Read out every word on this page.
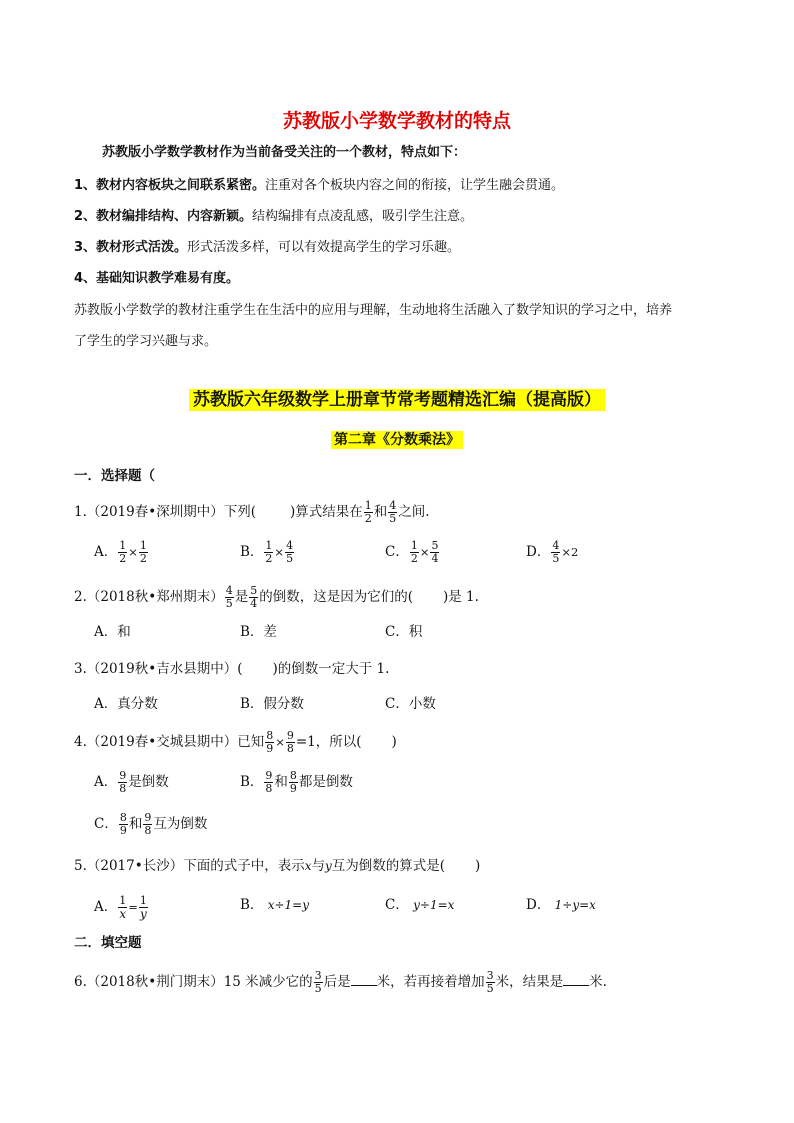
苏教版小学数学教材的特点
苏教版小学数学教材作为当前备受关注的一个教材，特点如下：
1、教材内容板块之间联系紧密。注重对各个板块内容之间的衔接，让学生融会贯通。
2、教材编排结构、内容新颖。结构编排有点凌乱感，吸引学生注意。
3、教材形式活泼。形式活泼多样，可以有效提高学生的学习乐趣。
4、基础知识教学难易有度。
苏教版小学数学的教材注重学生在生活中的应用与理解，生动地将生活融入了数学知识的学习之中，培养
了学生的学习兴趣与求。
苏教版六年级数学上册章节常考题精选汇编（提高版）
第二章《分数乘法》
一．选择题（
1.（2019春•深圳期中）下列(	)算式结果在 $\frac{1}{2}$ 和 $\frac{4}{5}$ 之间.
A． $\frac{1}{2} \times \frac{1}{2}$	B． $\frac{1}{2} \times \frac{4}{5}$	C． $\frac{1}{2} \times \frac{5}{4}$	D． $\frac{4}{5} \times 2$
2.（2018秋•郑州期末） $\frac{4}{5}$ 是 $\frac{5}{4}$ 的倒数，这是因为它们的( )是 1.
A．和	B．差	C．积
3.（2019秋•吉水县期中）( )的倒数一定大于 1.
A．真分数	B．假分数	C．小数
4.（2019春•交城县期中）已知 $\frac{8}{9} \times \frac{9}{8} =1$，所以( )
A． $\frac{9}{8}$ 是倒数	B． $\frac{9}{8}$ 和 $\frac{8}{9}$ 都是倒数
C． $\frac{8}{9}$ 和 $\frac{9}{8}$ 互为倒数
5.（2017•长沙）下面的式子中，表示x与y互为倒数的算式是( )
A． $\frac{1}{x} = \frac{1}{y}$	B． x÷1=y	C． y÷1=x	D． 1÷y=x
二．填空题
6.（2018秋•荆门期末）15 米减少它的 $\frac{3}{5}$ 后是 米，若再接着增加 $\frac{3}{5}$ 米，结果是 米.
